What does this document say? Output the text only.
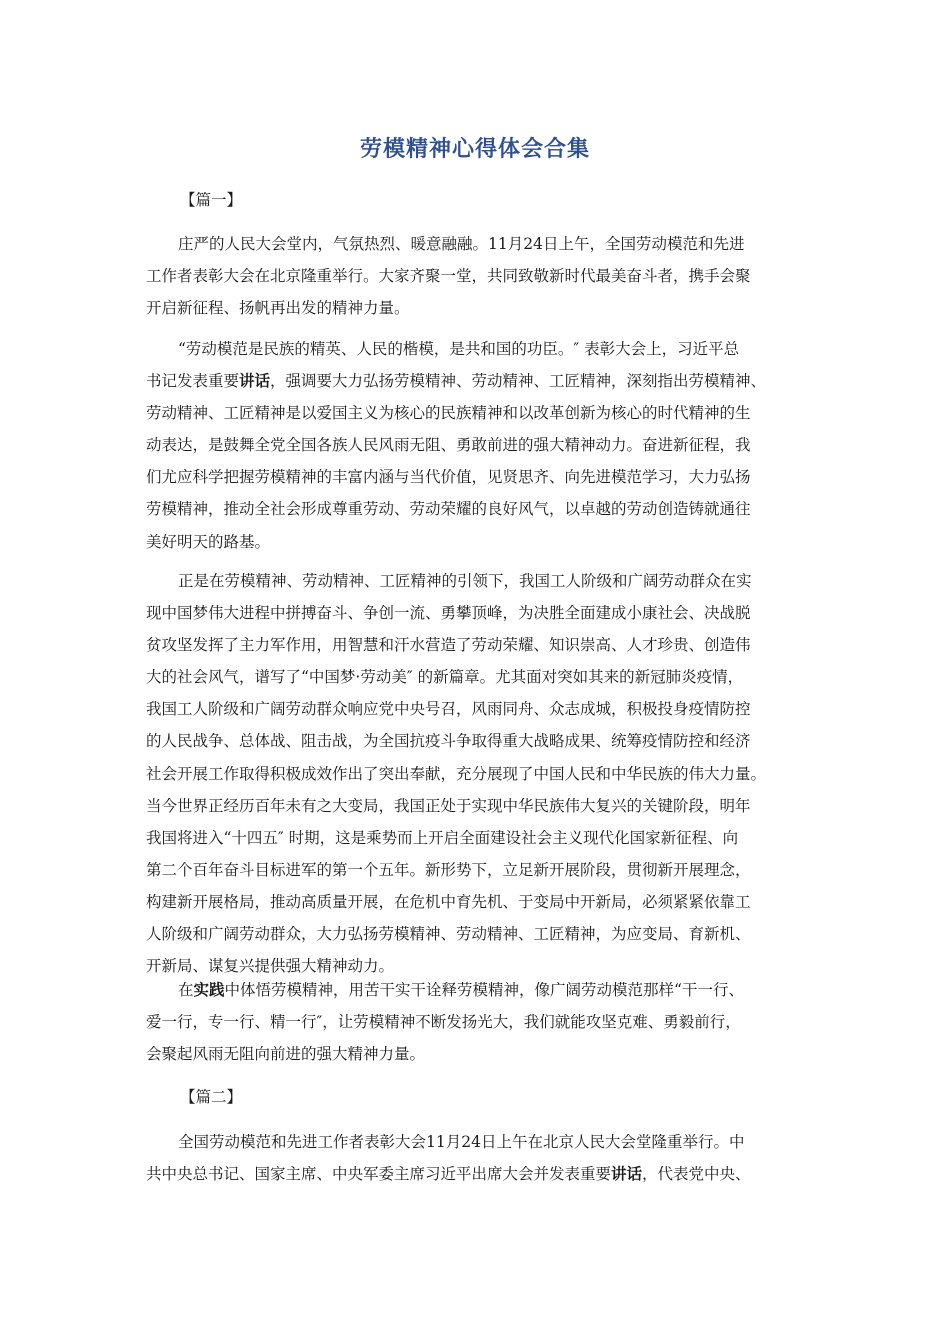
劳模精神心得体会合集

【篇一】

庄严的人民大会堂内，气氛热烈、暖意融融。11月24日上午，全国劳动模范和先进
工作者表彰大会在北京隆重举行。大家齐聚一堂，共同致敬新时代最美奋斗者，携手会聚
开启新征程、扬帆再出发的精神力量。

“劳动模范是民族的精英、人民的楷模，是共和国的功臣。″ 表彰大会上，习近平总
书记发表重要讲话，强调要大力弘扬劳模精神、劳动精神、工匠精神，深刻指出劳模精神、
劳动精神、工匠精神是以爱国主义为核心的民族精神和以改革创新为核心的时代精神的生
动表达，是鼓舞全党全国各族人民风雨无阻、勇敢前进的强大精神动力。奋进新征程，我
们尤应科学把握劳模精神的丰富内涵与当代价值，见贤思齐、向先进模范学习，大力弘扬
劳模精神，推动全社会形成尊重劳动、劳动荣耀的良好风气，以卓越的劳动创造铸就通往
美好明天的路基。

正是在劳模精神、劳动精神、工匠精神的引领下，我国工人阶级和广阔劳动群众在实
现中国梦伟大进程中拼搏奋斗、争创一流、勇攀顶峰，为决胜全面建成小康社会、决战脱
贫攻坚发挥了主力军作用，用智慧和汗水营造了劳动荣耀、知识崇高、人才珍贵、创造伟
大的社会风气，谱写了“中国梦·劳动美″ 的新篇章。尤其面对突如其来的新冠肺炎疫情，
我国工人阶级和广阔劳动群众响应党中央号召，风雨同舟、众志成城，积极投身疫情防控
的人民战争、总体战、阻击战，为全国抗疫斗争取得重大战略成果、统筹疫情防控和经济
社会开展工作取得积极成效作出了突出奉献，充分展现了中国人民和中华民族的伟大力量。
当今世界正经历百年未有之大变局，我国正处于实现中华民族伟大复兴的关键阶段，明年
我国将进入“十四五″ 时期，这是乘势而上开启全面建设社会主义现代化国家新征程、向
第二个百年奋斗目标进军的第一个五年。新形势下，立足新开展阶段，贯彻新开展理念，
构建新开展格局，推动高质量开展，在危机中育先机、于变局中开新局，必须紧紧依靠工
人阶级和广阔劳动群众，大力弘扬劳模精神、劳动精神、工匠精神，为应变局、育新机、
开新局、谋复兴提供强大精神动力。

在实践中体悟劳模精神，用苦干实干诠释劳模精神，像广阔劳动模范那样“干一行、
爱一行，专一行、精一行″，让劳模精神不断发扬光大，我们就能攻坚克难、勇毅前行，
会聚起风雨无阻向前进的强大精神力量。

【篇二】

全国劳动模范和先进工作者表彰大会11月24日上午在北京人民大会堂隆重举行。中
共中央总书记、国家主席、中央军委主席习近平出席大会并发表重要讲话，代表党中央、
